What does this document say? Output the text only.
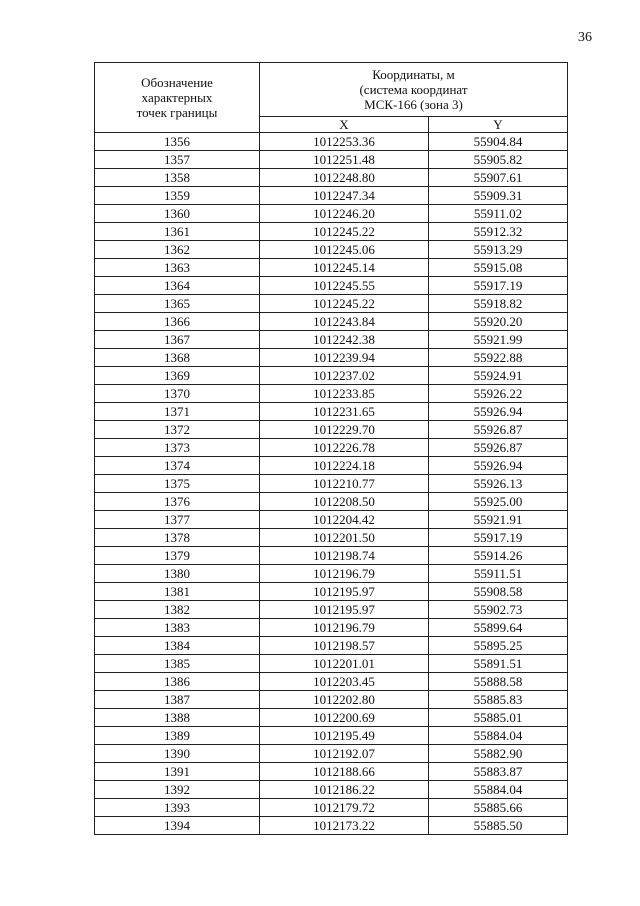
36
Обозначение
характерных
точек границы	Координаты, м
(система координат
МСК-166 (зона 3)	

	X	Y
1356	1012253.36	55904.84
1357	1012251.48	55905.82
1358	1012248.80	55907.61
1359	1012247.34	55909.31
1360	1012246.20	55911.02
1361	1012245.22	55912.32
1362	1012245.06	55913.29
1363	1012245.14	55915.08
1364	1012245.55	55917.19
1365	1012245.22	55918.82
1366	1012243.84	55920.20
1367	1012242.38	55921.99
1368	1012239.94	55922.88
1369	1012237.02	55924.91
1370	1012233.85	55926.22
1371	1012231.65	55926.94
1372	1012229.70	55926.87
1373	1012226.78	55926.87
1374	1012224.18	55926.94
1375	1012210.77	55926.13
1376	1012208.50	55925.00
1377	1012204.42	55921.91
1378	1012201.50	55917.19
1379	1012198.74	55914.26
1380	1012196.79	55911.51
1381	1012195.97	55908.58
1382	1012195.97	55902.73
1383	1012196.79	55899.64
1384	1012198.57	55895.25
1385	1012201.01	55891.51
1386	1012203.45	55888.58
1387	1012202.80	55885.83
1388	1012200.69	55885.01
1389	1012195.49	55884.04
1390	1012192.07	55882.90
1391	1012188.66	55883.87
1392	1012186.22	55884.04
1393	1012179.72	55885.66
1394	1012173.22	55885.50
